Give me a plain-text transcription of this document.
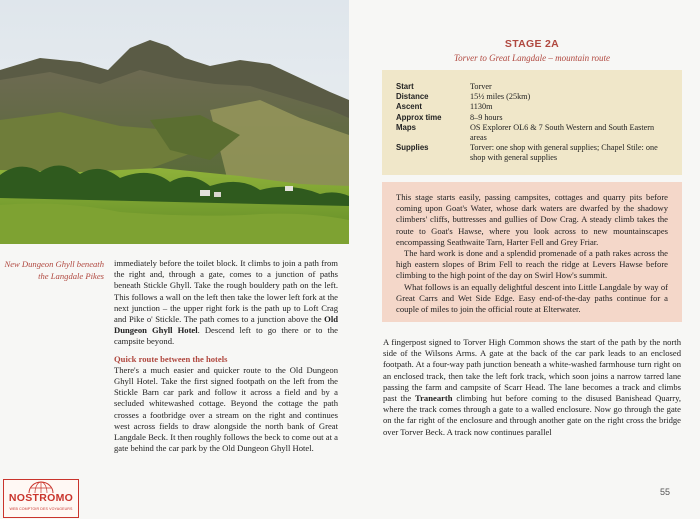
New Dungeon Ghyll beneath the Langdale Pikes

immediately before the toilet block. It climbs to join a path from the right and, through a gate, comes to a junction of paths beneath Stickle Ghyll. Take the rough bouldery path on the left. This follows a wall on the left then take the lower left fork at the next junction – the upper right fork is the path up to Loft Crag and Pike o' Stickle. The path comes to a junction above the Old Dungeon Ghyll Hotel. Descend left to go there or to the campsite beyond.

Quick route between the hotels

There's a much easier and quicker route to the Old Dungeon Ghyll Hotel. Take the first signed footpath on the left from the Stickle Barn car park and follow it across a field and by a secluded whitewashed cottage. Beyond the cottage the path crosses a footbridge over a stream on the right and continues west across fields to draw alongside the north bank of Great Langdale Beck. It then roughly follows the beck to come out at a gate behind the car park by the Old Dungeon Ghyll Hotel.

STAGE 2A
Torver to Great Langdale – mountain route
Start	Torver
Distance	15½ miles (25km)
Ascent	1130m
Approx time	8–9 hours
Maps	OS Explorer OL6 & 7 South Western and South Eastern areas
Supplies	Torver: one shop with general supplies; Chapel Stile: one shop with general supplies

This stage starts easily, passing campsites, cottages and quarry pits before coming upon Goat's Water, whose dark waters are dwarfed by the shadowy climbers' cliffs, buttresses and gullies of Dow Crag. A steady climb takes the route to Goat's Hawse, where you look across to new mountainscapes encompassing Seathwaite Tarn, Harter Fell and Grey Friar.

The hard work is done and a splendid promenade of a path rakes across the high eastern slopes of Brim Fell to reach the ridge at Levers Hawse before climbing to the high point of the day on Swirl How's summit.

What follows is an equally delightful descent into Little Langdale by way of Great Carrs and Wet Side Edge. Easy end-of-the-day paths continue for a couple of miles to join the official route at Elterwater.

A fingerpost signed to Torver High Common shows the start of the path by the north side of the Wilsons Arms. A gate at the back of the car park leads to an enclosed footpath. At a four-way path junction beneath a white-washed farmhouse turn right on an enclosed track, then take the left fork track, which soon joins a narrow tarred lane passing the farm and campsite of Scarr Head. The lane becomes a track and climbs past the Tranearth climbing hut before coming to the disused Banishead Quarry, where the track comes through a gate to a walled enclosure. Now go through the gate on the far right of the enclosure and through another gate on the right cross the bridge over Torver Beck. A track now continues parallel

55
NOSTROMO
WEB COMPTOIR DES VOYAGEURS
